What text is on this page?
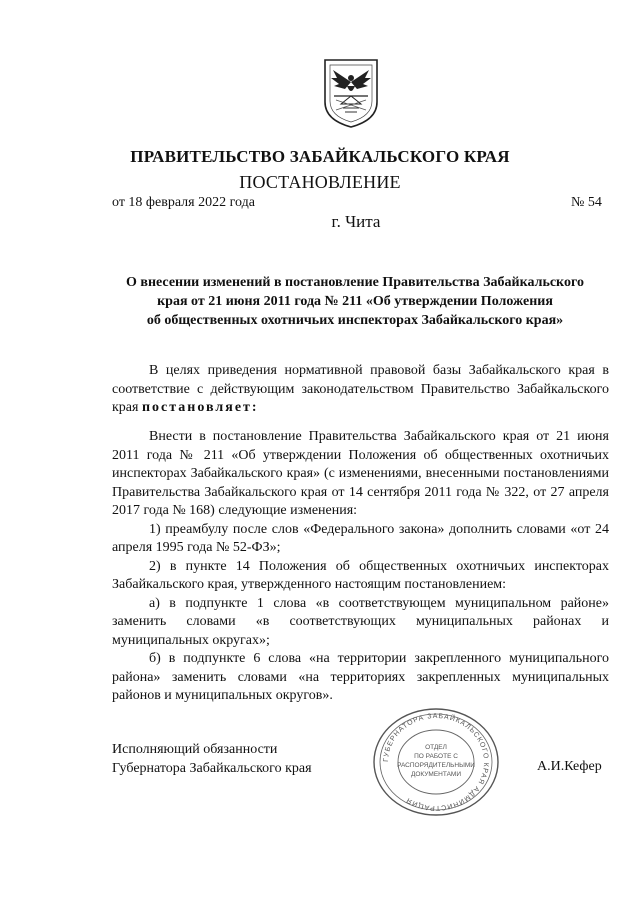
ПРАВИТЕЛЬСТВО ЗАБАЙКАЛЬСКОГО КРАЯ
ПОСТАНОВЛЕНИЕ
от 18 февраля 2022 года	№ 54
г. Чита
О внесении изменений в постановление Правительства Забайкальского
края от 21 июня 2011 года № 211 «Об утверждении Положения
об общественных охотничьих инспекторах Забайкальского края»

В целях приведения нормативной правовой базы Забайкальского края в соответствие с действующим законодательством Правительство Забайкальского края постановляет:

Внести в постановление Правительства Забайкальского края от 21 июня 2011 года № 211 «Об утверждении Положения об общественных охотничьих инспекторах Забайкальского края» (с изменениями, внесенными постановлениями Правительства Забайкальского края от 14 сентября 2011 года № 322, от 27 апреля 2017 года № 168) следующие изменения:

1) преамбулу после слов «Федерального закона» дополнить словами «от 24 апреля 1995 года № 52-ФЗ»;

2) в пункте 14 Положения об общественных охотничьих инспекторах Забайкальского края, утвержденного настоящим постановлением:

а) в подпункте 1 слова «в соответствующем муниципальном районе» заменить словами «в соответствующих муниципальных районах и муниципальных округах»;

б) в подпункте 6 слова «на территории закрепленного муниципального района» заменить словами «на территориях закрепленных муниципальных районов и муниципальных округов».

Исполняющий обязанности
Губернатора Забайкальского края	А.И.Кефер
ГУБЕРНАТОРА ЗАБАЙКАЛЬСКОГО КРАЯ АДМИНИСТРАЦИЯ
ОТДЕЛ
ПО РАБОТЕ С
РАСПОРЯДИТЕЛЬНЫМИ
ДОКУМЕНТАМИ
